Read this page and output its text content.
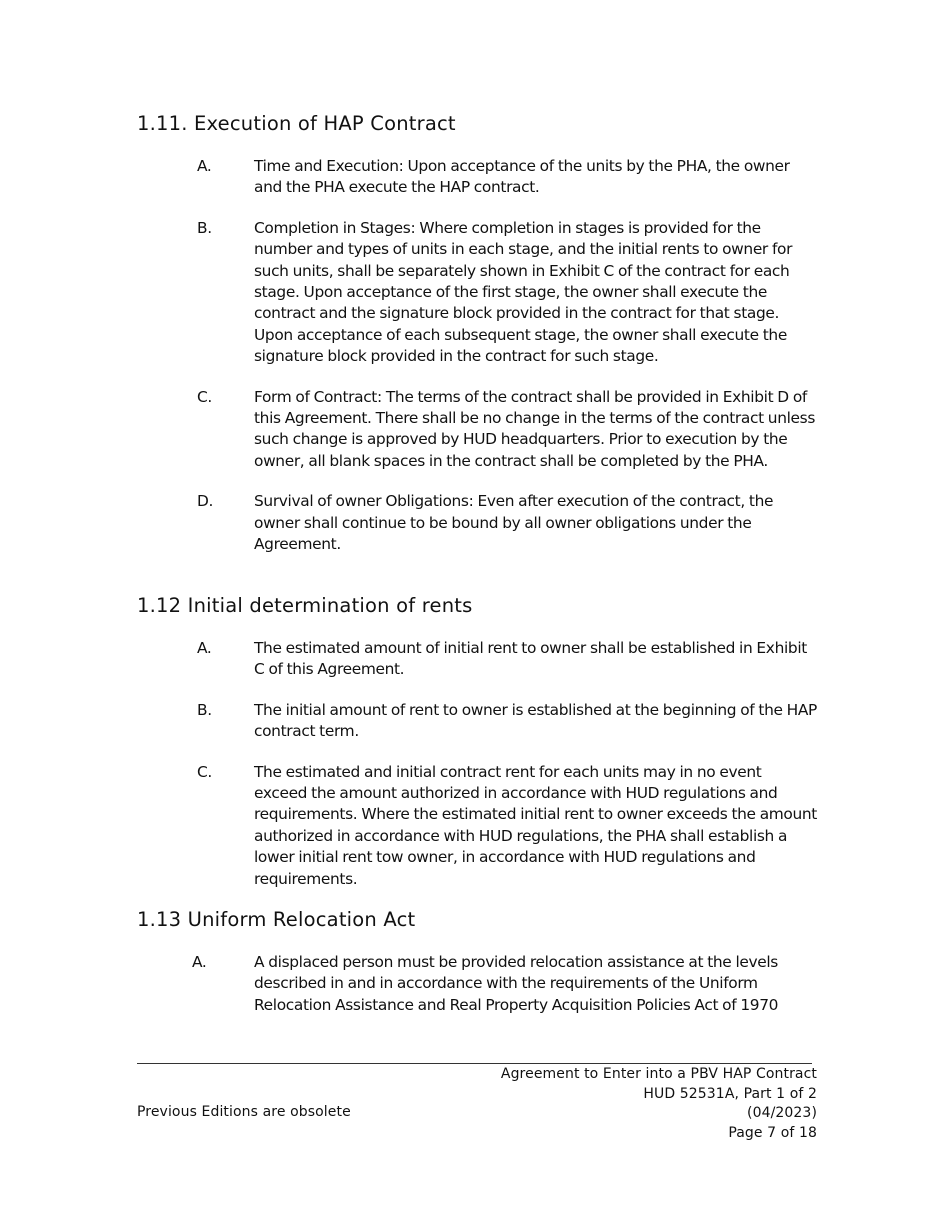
1.11. Execution of HAP Contract
A.	Time and Execution: Upon acceptance of the units by the PHA, the owner and the PHA execute the HAP contract.
B.	Completion in Stages: Where completion in stages is provided for the number and types of units in each stage, and the initial rents to owner for such units, shall be separately shown in Exhibit C of the contract for each stage. Upon acceptance of the first stage, the owner shall execute the contract and the signature block provided in the contract for that stage. Upon acceptance of each subsequent stage, the owner shall execute the signature block provided in the contract for such stage.
C.	Form of Contract: The terms of the contract shall be provided in Exhibit D of this Agreement. There shall be no change in the terms of the contract unless such change is approved by HUD headquarters. Prior to execution by the owner, all blank spaces in the contract shall be completed by the PHA.
D.	Survival of owner Obligations: Even after execution of the contract, the owner shall continue to be bound by all owner obligations under the Agreement.
1.12 Initial determination of rents
A.	The estimated amount of initial rent to owner shall be established in Exhibit C of this Agreement.
B.	The initial amount of rent to owner is established at the beginning of the HAP contract term.
C.	The estimated and initial contract rent for each units may in no event exceed the amount authorized in accordance with HUD regulations and requirements. Where the estimated initial rent to owner exceeds the amount authorized in accordance with HUD regulations, the PHA shall establish a lower initial rent tow owner, in accordance with HUD regulations and requirements.
1.13 Uniform Relocation Act
A.	A displaced person must be provided relocation assistance at the levels described in and in accordance with the requirements of the Uniform Relocation Assistance and Real Property Acquisition Policies Act of 1970
Agreement to Enter into a PBV HAP Contract
HUD 52531A, Part 1 of 2
(04/2023)
Page 7 of 18
Previous Editions are obsolete
